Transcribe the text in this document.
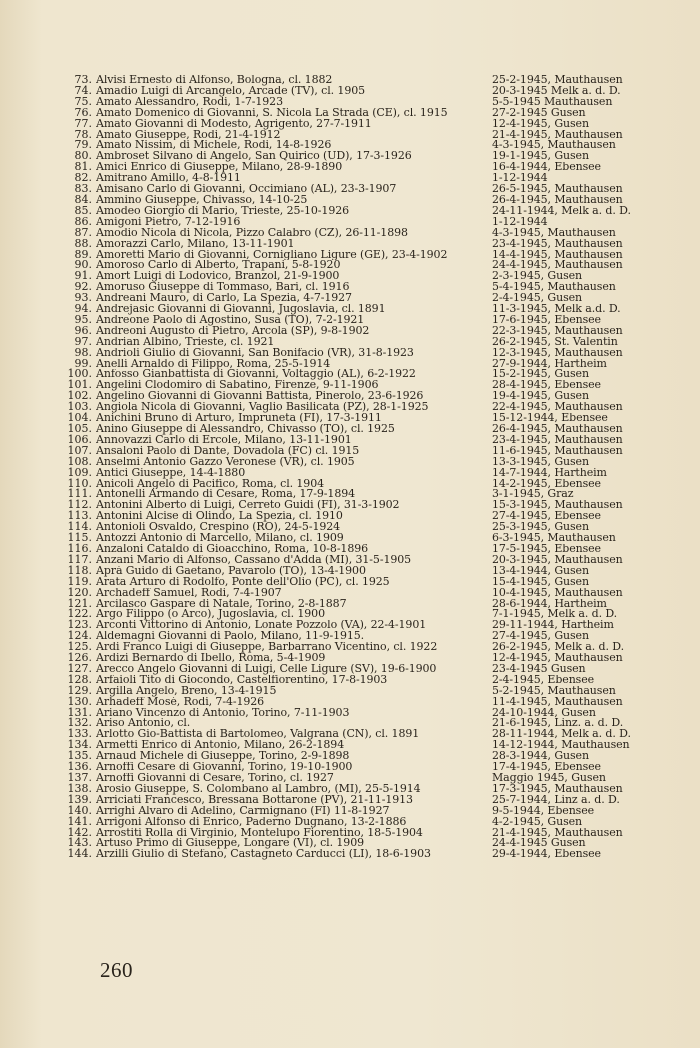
73. Alvisi Ernesto di Alfonso, Bologna, cl. 1882	25-2-1945, Mauthausen
74. Amadio Luigi di Arcangelo, Arcade (TV), cl. 1905	20-3-1945 Melk a. d. D.
75. Amato Alessandro, Rodi, 1-7-1923	5-5-1945 Mauthausen
76. Amato Domenico di Giovanni, S. Nicola La Strada (CE), cl. 1915	27-2-1945 Gusen
77. Amato Giovanni di Modesto, Agrigento, 27-7-1911	12-4-1945, Gusen
78. Amato Giuseppe, Rodi, 21-4-1912	21-4-1945, Mauthausen
79. Amato Nissim, di Michele, Rodi, 14-8-1926	4-3-1945, Mauthausen
80. Ambroset Silvano di Angelo, San Quirico (UD), 17-3-1926	19-1-1945, Gusen
81. Amici Enrico di Giuseppe, Milano, 28-9-1890	16-4-1944, Ebensee
82. Amitrano Amillo, 4-8-1911	1-12-1944
83. Amisano Carlo di Giovanni, Occimiano (AL), 23-3-1907	26-5-1945, Mauthausen
84. Ammino Giuseppe, Chivasso, 14-10-25	26-4-1945, Mauthausen
85. Amodeo Giorgio di Mario, Trieste, 25-10-1926	24-11-1944, Melk a. d. D.
86. Amigoni Pietro, 7-12-1916	1-12-1944
87. Amodio Nicola di Nicola, Pizzo Calabro (CZ), 26-11-1898	4-3-1945, Mauthausen
88. Amorazzi Carlo, Milano, 13-11-1901	23-4-1945, Mauthausen
89. Amoretti Mario di Giovanni, Cornigliano Ligure (GE), 23-4-1902	14-4-1945, Mauthausen
90. Amoroso Carlo di Alberto, Trapani, 5-8-1920	24-4-1945, Mauthausen
91. Amort Luigi di Lodovico, Branzol, 21-9-1900	2-3-1945, Gusen
92. Amoruso Giuseppe di Tommaso, Bari, cl. 1916	5-4-1945, Mauthausen
93. Andreani Mauro, di Carlo, La Spezia, 4-7-1927	2-4-1945, Gusen
94. Andrejasic Giovanni di Giovanni, Jugoslavia, cl. 1891	11-3-1945, Melk a.d. D.
95. Andreone Paolo di Agostino, Susa (TO), 7-2-1921	17-6-1945, Ebensee
96. Andreoni Augusto di Pietro, Arcola (SP), 9-8-1902	22-3-1945, Mauthausen
97. Andrian Albino, Trieste, cl. 1921	26-2-1945, St. Valentin
98. Andrioli Giulio di Giovanni, San Bonifacio (VR), 31-8-1923	12-3-1945, Mauthausen
99. Anelli Arnaldo di Filippo, Roma, 25-5-1914	27-9-1944, Hartheim
100. Anfosso Gianbattista di Giovanni, Voltaggio (AL), 6-2-1922	15-2-1945, Gusen
101. Angelini Clodomiro di Sabatino, Firenze, 9-11-1906	28-4-1945, Ebensee
102. Angelino Giovanni di Giovanni Battista, Pinerolo, 23-6-1926	19-4-1945, Gusen
103. Angiola Nicola di Giovanni, Vaglio Basilicata (PZ), 28-1-1925	22-4-1945, Mauthausen
104. Anichini Bruno di Arturo, Impruneta (FI), 17-3-1911	15-12-1944, Ebensee
105. Anino Giuseppe di Alessandro, Chivasso (TO), cl. 1925	26-4-1945, Mauthausen
106. Annovazzi Carlo di Ercole, Milano, 13-11-1901	23-4-1945, Mauthausen
107. Ansaloni Paolo di Dante, Dovadola (FC) cl. 1915	11-6-1945, Mauthausen
108. Anselmi Antonio Gazzo Veronese (VR), cl. 1905	13-3-1945, Gusen
109. Antici Giuseppe, 14-4-1880	14-7-1944, Hartheim
110. Anicoli Angelo di Pacifico, Roma, cl. 1904	14-2-1945, Ebensee
111. Antonelli Armando di Cesare, Roma, 17-9-1894	3-1-1945, Graz
112. Antonini Alberto di Luigi, Cerreto Guidi (FI), 31-3-1902	15-3-1945, Mauthausen
113. Antonini Alcise di Olindo, La Spezia, cl. 1910	27-4-1945, Ebensee
114. Antonioli Osvaldo, Crespino (RO), 24-5-1924	25-3-1945, Gusen
115. Antozzi Antonio di Marcello, Milano, cl. 1909	6-3-1945, Mauthausen
116. Anzaloni Cataldo di Gioacchino, Roma, 10-8-1896	17-5-1945, Ebensee
117. Anzani Mario di Alfonso, Cassano d'Adda (MI), 31-5-1905	20-3-1945, Mauthausen
118. Aprà Guido di Gaetano, Pavarolo (TO), 13-4-1900	13-4-1944, Gusen
119. Arata Arturo di Rodolfo, Ponte dell'Olio (PC), cl. 1925	15-4-1945, Gusen
120. Archadeff Samuel, Rodi, 7-4-1907	10-4-1945, Mauthausen
121. Arcilasco Gaspare di Natale, Torino, 2-8-1887	28-6-1944, Hartheim
122. Argo Filippo (o Arco), Jugoslavia, cl. 1900	7-1-1945, Melk a. d. D.
123. Arconti Vittorino di Antonio, Lonate Pozzolo (VA), 22-4-1901	29-11-1944, Hartheim
124. Aldemagni Giovanni di Paolo, Milano, 11-9-1915.	27-4-1945, Gusen
125. Ardi Franco Luigi di Giuseppe, Barbarrano Vicentino, cl. 1922	26-2-1945, Melk a. d. D.
126. Ardizi Bernardo di Ibello, Roma, 5-4-1909	12-4-1945, Mauthausen
127. Arecco Angelo Giovanni di Luigi, Celle Ligure (SV), 19-6-1900	23-4-1945 Gusen
128. Arfaioli Tito di Giocondo, Castelfiorentino, 17-8-1903	2-4-1945, Ebensee
129. Argilla Angelo, Breno, 13-4-1915	5-2-1945, Mauthausen
130. Arhadeff Mosè, Rodi, 7-4-1926	11-4-1945, Mauthausen
131. Ariano Vincenzo di Antonio, Torino, 7-11-1903	24-10-1944, Gusen
132. Ariso Antonio, cl.	21-6-1945, Linz. a. d. D.
133. Arlotto Gio-Battista di Bartolomeo, Valgrana (CN), cl. 1891	28-11-1944, Melk a. d. D.
134. Armetti Enrico di Antonio, Milano, 26-2-1894	14-12-1944, Mauthausen
135. Arnaud Michele di Giuseppe, Torino, 2-9-1898	28-3-1944, Gusen
136. Arnoffi Cesare di Giovanni, Torino, 19-10-1900	17-4-1945, Ebensee
137. Arnoffi Giovanni di Cesare, Torino, cl. 1927	Maggio 1945, Gusen
138. Arosio Giuseppe, S. Colombano al Lambro, (MI), 25-5-1914	17-3-1945, Mauthausen
139. Arriciati Francesco, Bressana Bottarone (PV), 21-11-1913	25-7-1944, Linz a. d. D.
140. Arrighi Alvaro di Adelino, Carmignano (FI) 11-8-1927	9-5-1944, Ebensee
141. Arrigoni Alfonso di Enrico, Paderno Dugnano, 13-2-1886	4-2-1945, Gusen
142. Arrostiti Rolla di Virginio, Montelupo Fiorentino, 18-5-1904	21-4-1945, Mauthausen
143. Artuso Primo di Giuseppe, Longare (VI), cl. 1909	24-4-1945 Gusen
144. Arzilli Giulio di Stefano, Castagneto Carducci (LI), 18-6-1903	29-4-1944, Ebensee
260
